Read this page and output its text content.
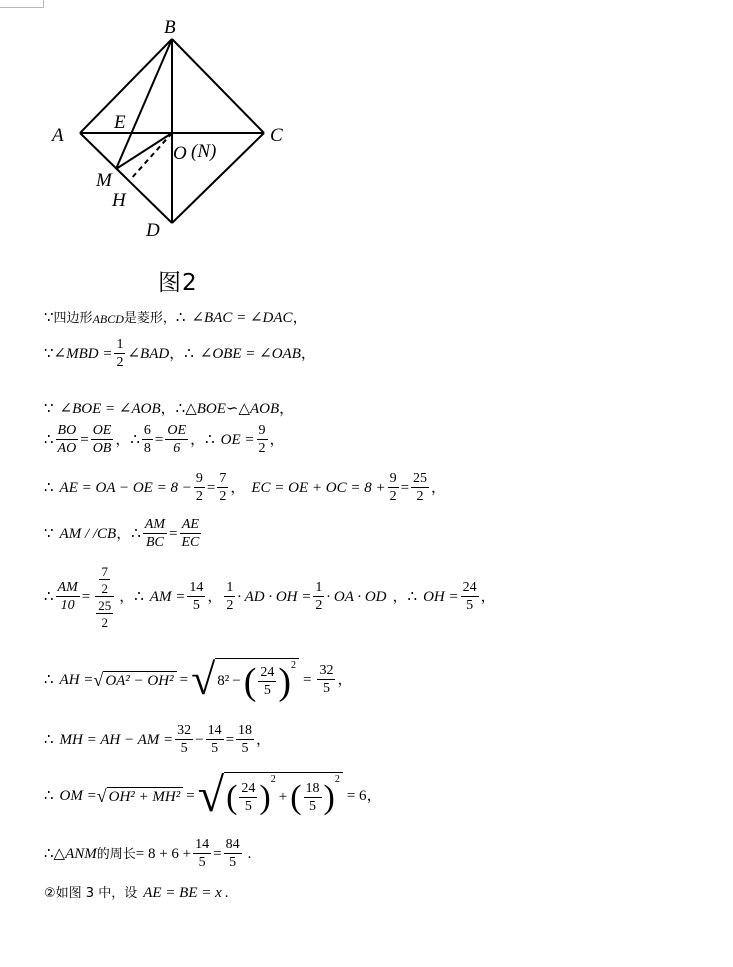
A
B
C
D
E
O (N)
M
H
图2
∵ 四边形 ABCD 是菱形， ∴ ∠BAC = ∠DAC ，
∵ ∠MBD = $\frac{1}{2}$ ∠BAD ， ∴ ∠OBE = ∠OAB ，
∵ ∠BOE = ∠AOB ， ∴ △BOE ∽ △AOB ，
∴ $\frac{BO}{AO} = \frac{OE}{OB}$ ， ∴ $\frac{6}{8} = \frac{OE}{6}$ ， ∴ OE = $\frac{9}{2}$ ，
∴ AE = OA − OE = $8 - \frac{9}{2} = \frac{7}{2}$ ， EC = OE + OC = $8 + \frac{9}{2} = \frac{25}{2}$ ，
∵ AM / /CB ， ∴ $\frac{AM}{BC} = \frac{AE}{EC}$
∴ $\frac{AM}{10} = \frac{\frac{7}{2}}{\frac{25}{2}}$ ， ∴ AM = $\frac{14}{5}$ ， $\frac{1}{2}$ · AD · OH = $\frac{1}{2}$ · OA · OD ， ∴ OH = $\frac{24}{5}$ ，
∴ AH = √ OA² − OH² = √ 8² − ( $\frac{24}{5} )^2$
= $\frac{32}{5}$ ，
∴ MH = AH − AM = $\frac{32}{5} - \frac{14}{5} = \frac{18}{5}$ ，
∴ OM = √ OH² + MH² = √ ( $\frac{24}{5} )^2$
+ ( $\frac{18}{5} )^2$
= 6 ，
∴ △ANM 的周长 = $8 + 6 + \frac{14}{5} = \frac{84}{5}$ .
②如图 3 中，设 AE = BE = x .
